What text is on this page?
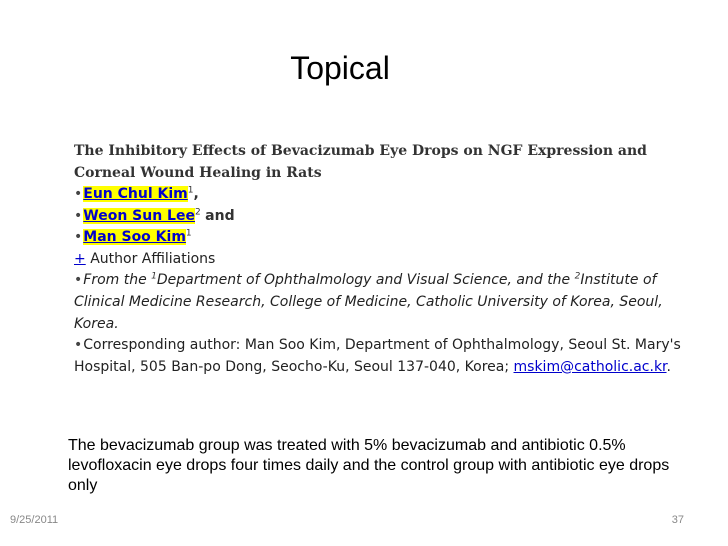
Topical
The Inhibitory Effects of Bevacizumab Eye Drops on NGF Expression and Corneal Wound Healing in Rats
•Eun Chul Kim$^1$,
•Weon Sun Lee$^2$ and
•Man Soo Kim$^1$
+ Author Affiliations
•From the $^1$Department of Ophthalmology and Visual Science, and the $^2$Institute of Clinical Medicine Research, College of Medicine, Catholic University of Korea, Seoul, Korea.
•Corresponding author: Man Soo Kim, Department of Ophthalmology, Seoul St. Mary's Hospital, 505 Ban-po Dong, Seocho-Ku, Seoul 137-040, Korea; mskim@catholic.ac.kr.
The bevacizumab group was treated with 5% bevacizumab and antibiotic 0.5% levofloxacin eye drops four times daily and the control group with antibiotic eye drops only
9/25/2011	37
